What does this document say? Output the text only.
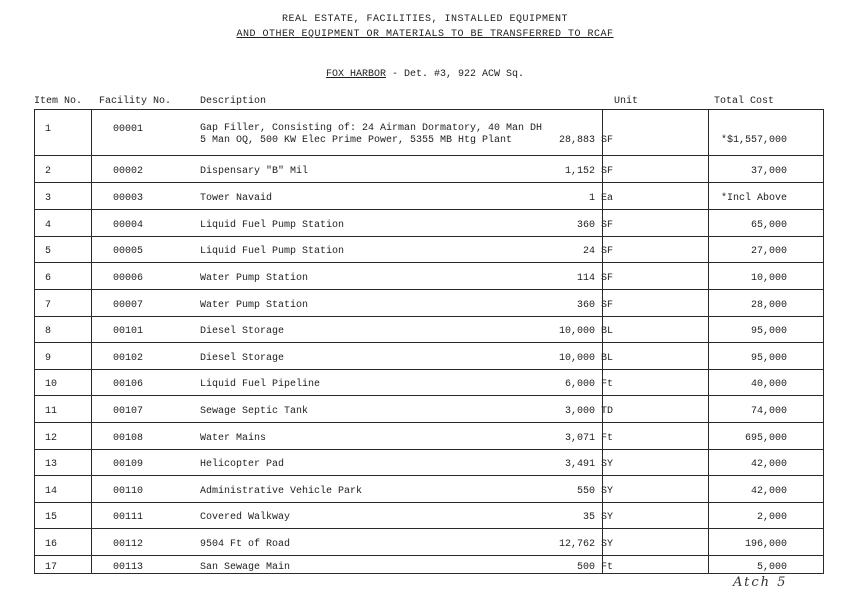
REAL ESTATE, FACILITIES, INSTALLED EQUIPMENT
AND OTHER EQUIPMENT OR MATERIALS TO BE TRANSFERRED TO RCAF
FOX HARBOR - Det. #3, 922 ACW Sq.
Item No. Facility No.	Description	Unit	Total Cost
1	00001	Gap Filler, Consisting of: 24 Airman Dormatory, 40 Man DH
5 Man OQ, 500 KW Elec Prime Power, 5355 MB Htg Plant	28,883 SF	*$1,557,000
2	00002	Dispensary "B" Mil	1,152 SF	37,000
3	00003	Tower Navaid	1 Ea	*Incl Above
4	00004	Liquid Fuel Pump Station	360 SF	65,000
5	00005	Liquid Fuel Pump Station	24 SF	27,000
6	00006	Water Pump Station	114 SF	10,000
7	00007	Water Pump Station	360 SF	28,000
8	00101	Diesel Storage	10,000 BL	95,000
9	00102	Diesel Storage	10,000 BL	95,000
10	00106	Liquid Fuel Pipeline	6,000 Ft	40,000
11	00107	Sewage Septic Tank	3,000 TD	74,000
12	00108	Water Mains	3,071 Ft	695,000
13	00109	Helicopter Pad	3,491 SY	42,000
14	00110	Administrative Vehicle Park	550 SY	42,000
15	00111	Covered Walkway	35 SY	2,000
16	00112	9504 Ft of Road	12,762 SY	196,000
17	00113	San Sewage Main	500 Ft	5,000
Atch 5
